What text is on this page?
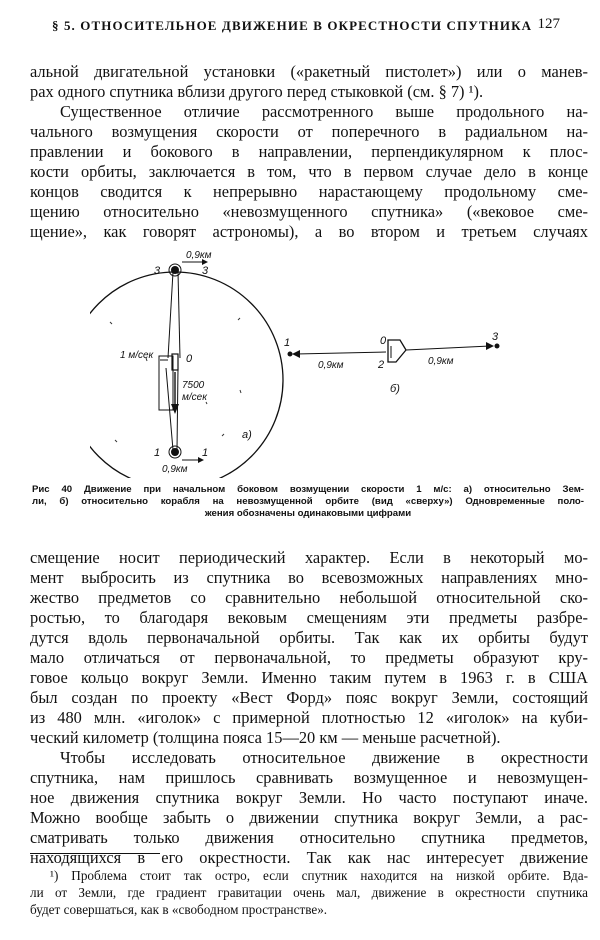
§ 5. ОТНОСИТЕЛЬНОЕ ДВИЖЕНИЕ В ОКРЕСТНОСТИ СПУТНИКА 127

альной двигательной установки («ракетный пистолет») или о манев-
рах одного спутника вблизи другого перед стыковкой (см. § 7) ¹).

Существенное отличие рассмотренного выше продольного на-
чального возмущения скорости от поперечного в радиальном на-
правлении и бокового в направлении, перпендикулярном к плос-
кости орбиты, заключается в том, что в первом случае дело в конце
концов сводится к непрерывно нарастающему продольному сме-
щению относительно «невозмущенного спутника» («вековое сме-
щение», как говорят астрономы), а во втором и третьем случаях

0,9км
3	3
1 м/сек	0
7500
м/сек
1	1
0,9км
а)
1	0
2
3
0,9км	0,9км
б)
Рис 40 Движение при начальном боковом возмущении скорости 1 м/с: а) относительно Зем-
ли, б) относительно корабля на невозмущенной орбите (вид «сверху») Одновременные поло-
жения обозначены одинаковыми цифрами

смещение носит периодический характер. Если в некоторый мо-
мент выбросить из спутника во всевозможных направлениях мно-
жество предметов со сравнительно небольшой относительной ско-
ростью, то благодаря вековым смещениям эти предметы разбре-
дутся вдоль первоначальной орбиты. Так как их орбиты будут
мало отличаться от первоначальной, то предметы образуют кру-
говое кольцо вокруг Земли. Именно таким путем в 1963 г. в США
был создан по проекту «Вест Форд» пояс вокруг Земли, состоящий
из 480 млн. «иголок» с примерной плотностью 12 «иголок» на куби-
ческий километр (толщина пояса 15—20 км — меньше расчетной).

Чтобы исследовать относительное движение в окрестности
спутника, нам пришлось сравнивать возмущенное и невозмущен-
ное движения спутника вокруг Земли. Но часто поступают иначе.
Можно вообще забыть о движении спутника вокруг Земли, а рас-
сматривать только движения относительно спутника предметов,
находящихся в его окрестности. Так как нас интересует движение

¹) Проблема стоит так остро, если спутник находится на низкой орбите. Вда-
ли от Земли, где градиент гравитации очень мал, движение в окрестности спутника
будет совершаться, как в «свободном пространстве».
